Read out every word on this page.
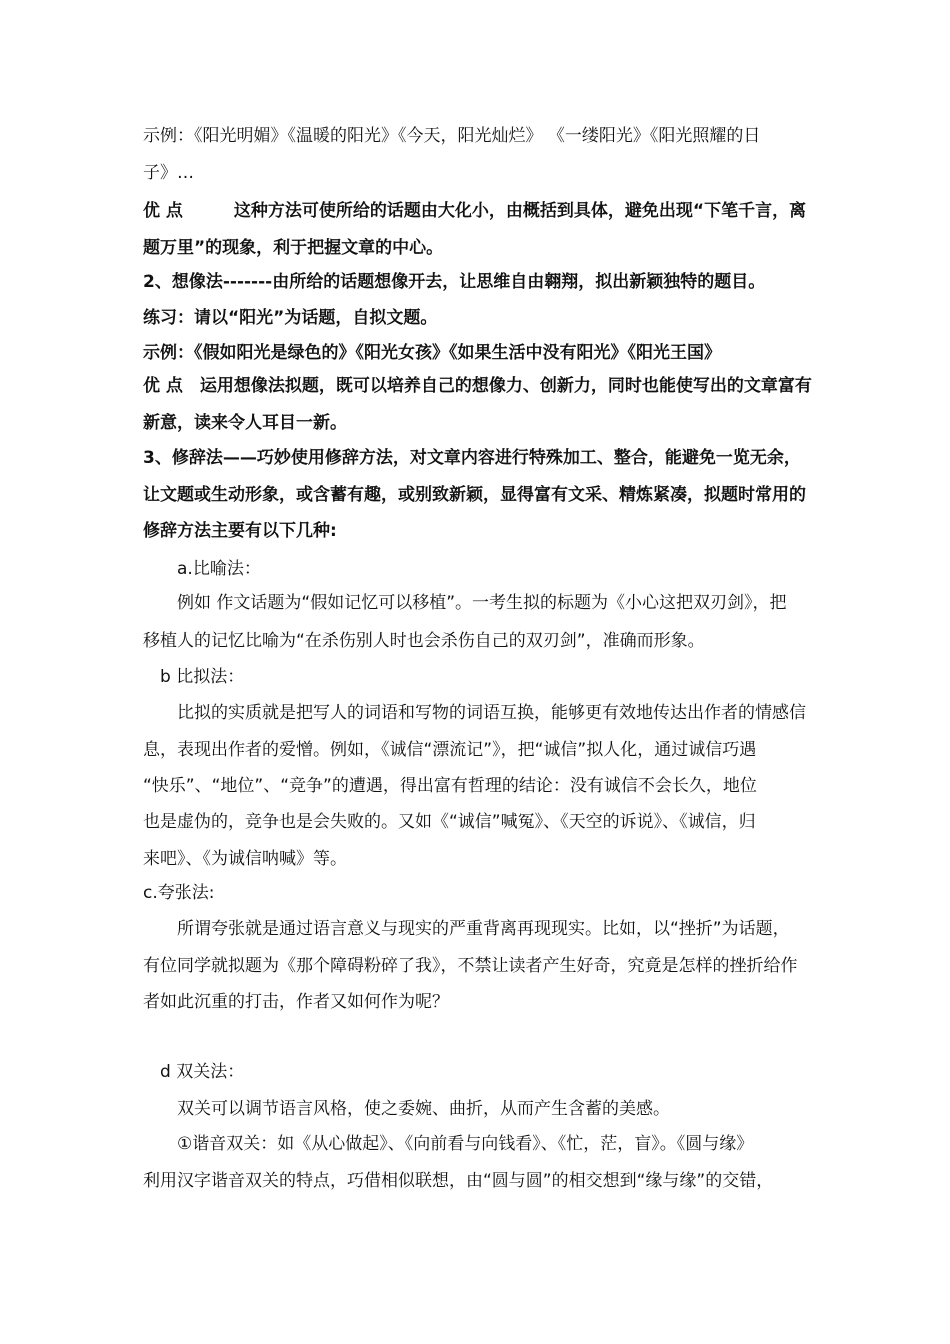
示例：《阳光明媚》《温暖的阳光》《今天，阳光灿烂》 《一缕阳光》《阳光照耀的日
子》…
优 点　　　这种方法可使所给的话题由大化小，由概括到具体，避免出现“下笔千言，离
题万里”的现象，利于把握文章的中心。
2、想像法-------由所给的话题想像开去，让思维自由翱翔，拟出新颖独特的题目。
练习：请以“阳光”为话题，自拟文题。
示例：《假如阳光是绿色的》《阳光女孩》《如果生活中没有阳光》《阳光王国》
优 点　运用想像法拟题，既可以培养自己的想像力、创新力，同时也能使写出的文章富有
新意，读来令人耳目一新。
3、修辞法——巧妙使用修辞方法，对文章内容进行特殊加工、整合，能避免一览无余，
让文题或生动形象，或含蓄有趣，或别致新颖，显得富有文采、精炼紧凑，拟题时常用的
修辞方法主要有以下几种:
a.比喻法：
例如 作文话题为“假如记忆可以移植”。一考生拟的标题为《小心这把双刃剑》，把
移植人的记忆比喻为“在杀伤别人时也会杀伤自己的双刃剑”，准确而形象。
b 比拟法：
比拟的实质就是把写人的词语和写物的词语互换，能够更有效地传达出作者的情感信
息，表现出作者的爱憎。例如，《诚信“漂流记”》，把“诚信”拟人化，通过诚信巧遇
“快乐”、“地位”、“竞争”的遭遇，得出富有哲理的结论：没有诚信不会长久，地位
也是虚伪的，竞争也是会失败的。又如《“诚信”喊冤》、《天空的诉说》、《诚信，归
来吧》、《为诚信呐喊》等。
c.夸张法:
所谓夸张就是通过语言意义与现实的严重背离再现现实。比如，以“挫折”为话题，
有位同学就拟题为《那个障碍粉碎了我》，不禁让读者产生好奇，究竟是怎样的挫折给作
者如此沉重的打击，作者又如何作为呢？
d 双关法：
双关可以调节语言风格，使之委婉、曲折，从而产生含蓄的美感。
①谐音双关：如《从心做起》、《向前看与向钱看》、《忙，茫，盲》。《圆与缘》
利用汉字谐音双关的特点，巧借相似联想，由“圆与圆”的相交想到“缘与缘”的交错，
